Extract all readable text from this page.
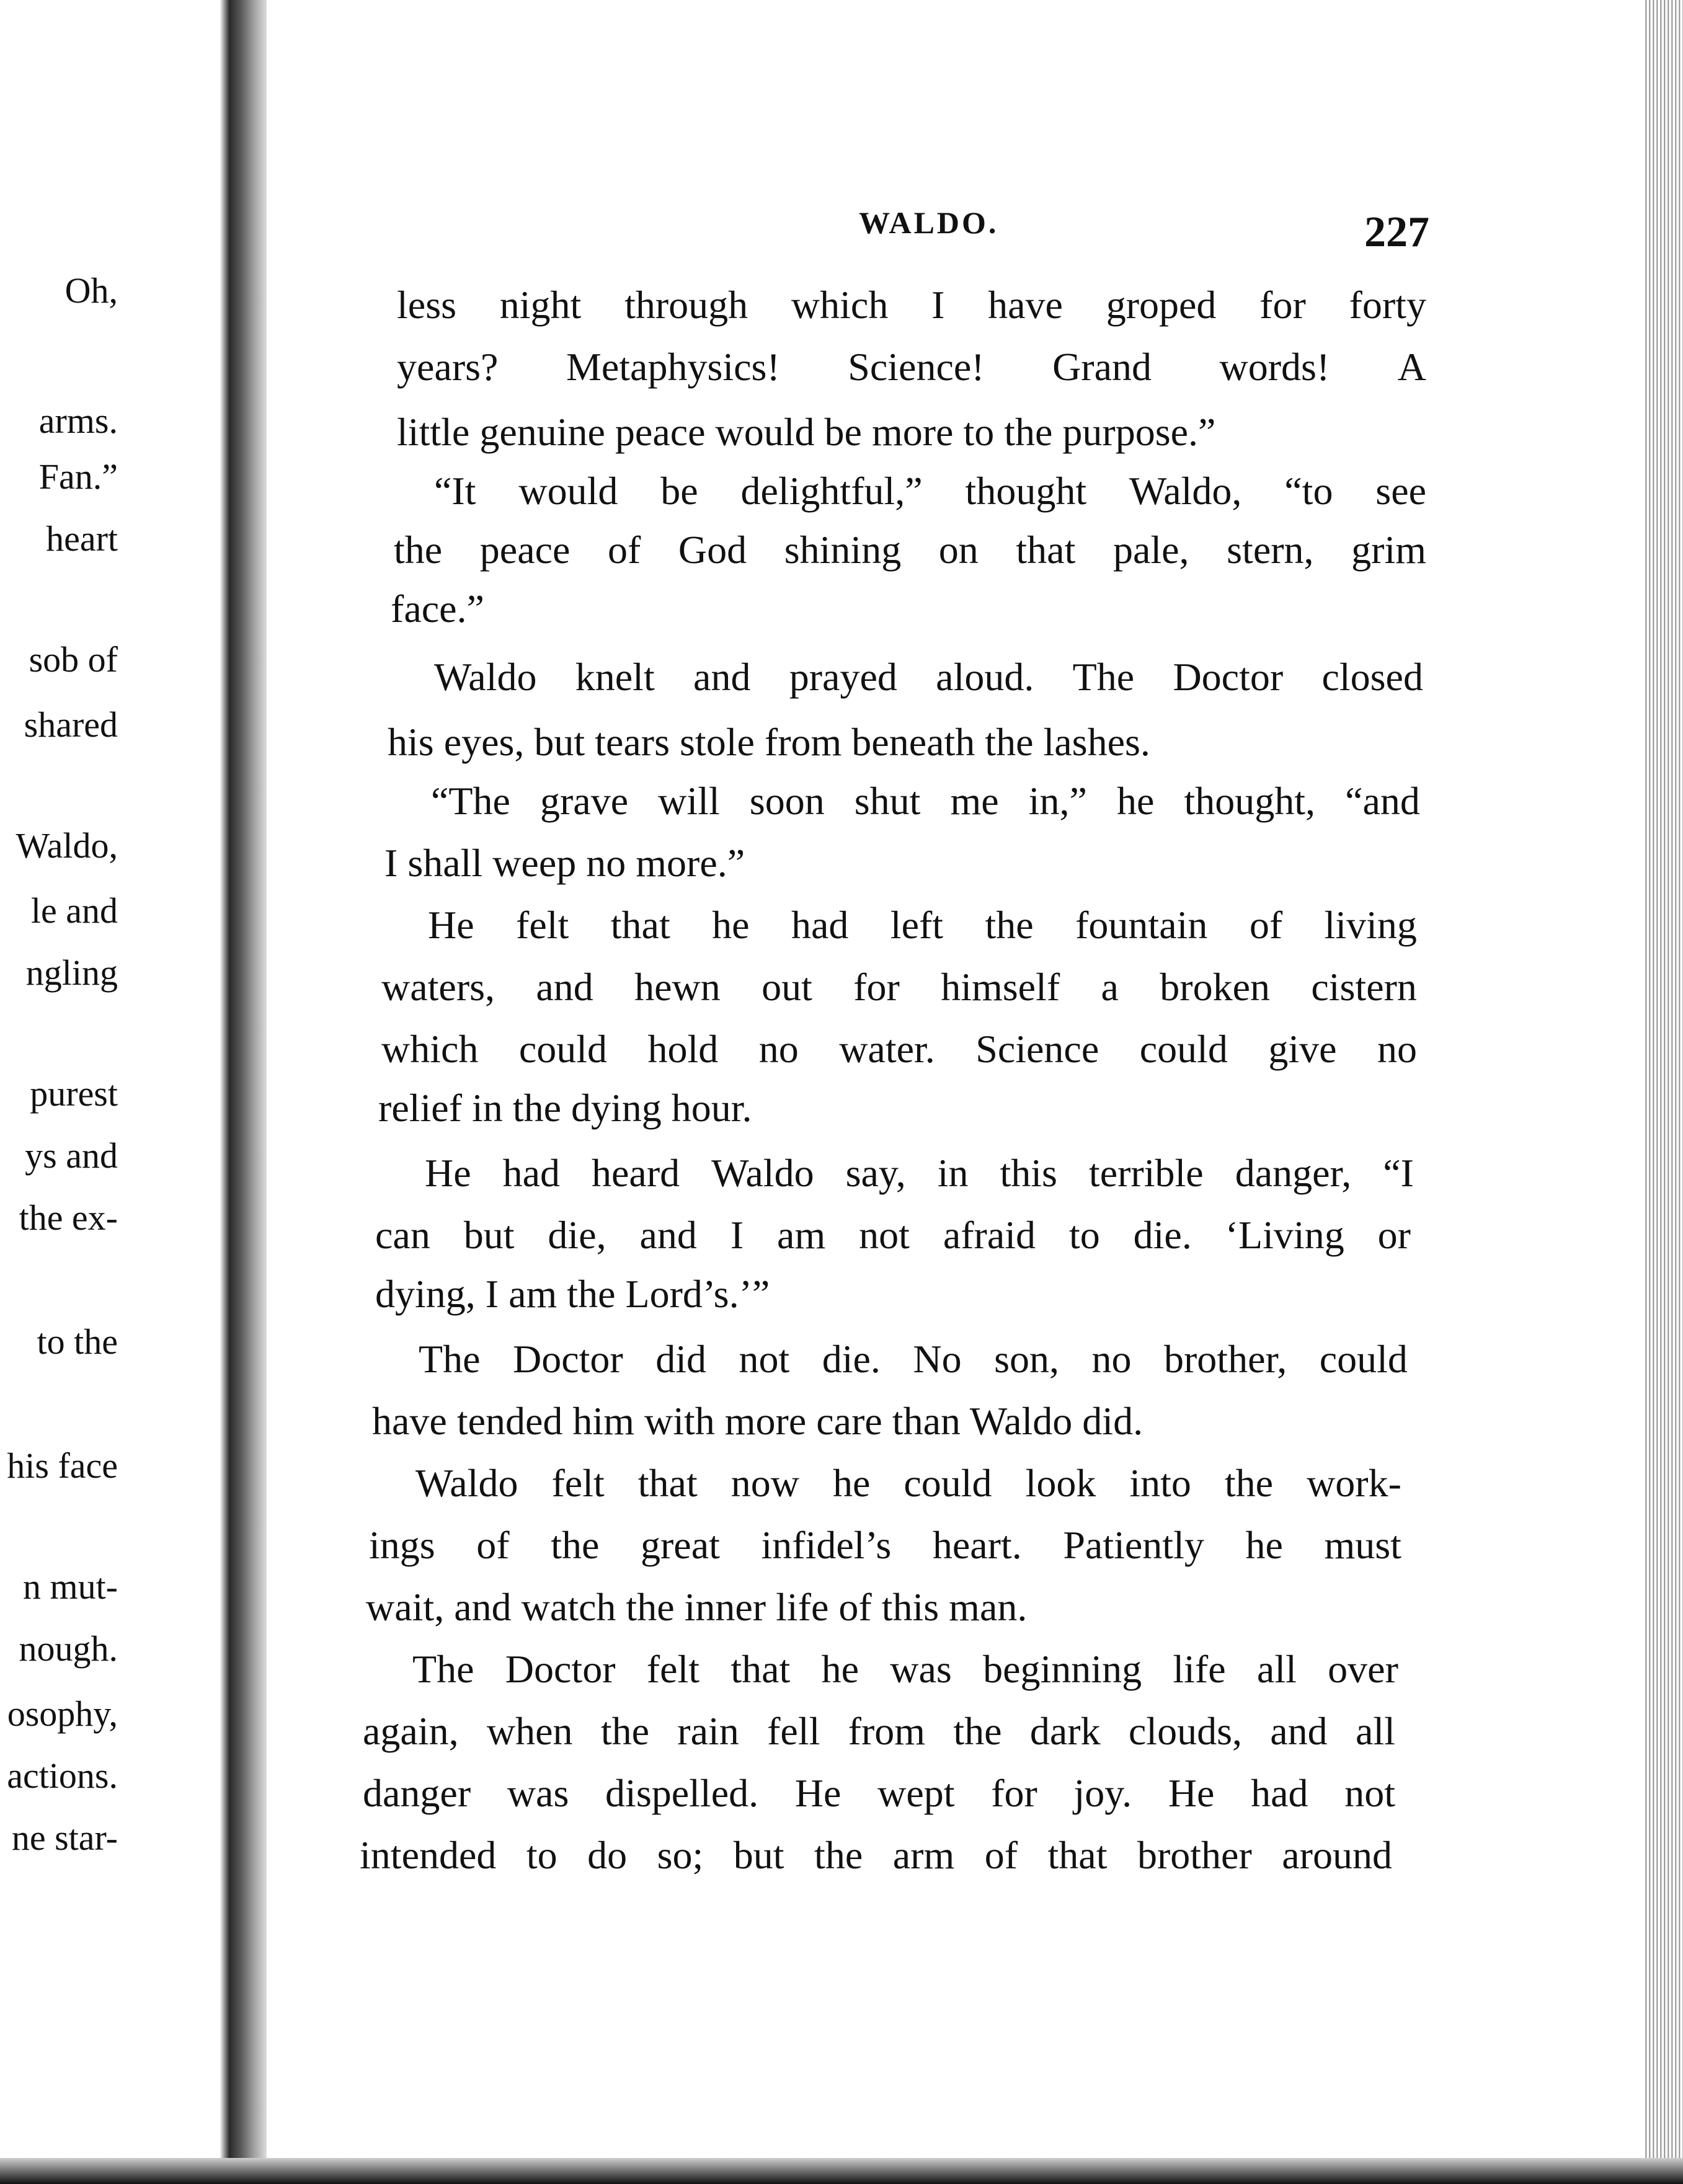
Oh,
arms.
Fan.”
heart
sob of
shared
Waldo,
le and
ngling
purest
ys and
the ex-
to the
his face
n mut-
nough.
osophy,
actions.
ne star-
WALDO.	227
less night through which I have groped for forty
years? Metaphysics! Science! Grand words! A
little genuine peace would be more to the purpose.”
“It would be delightful,” thought Waldo, “to see
the peace of God shining on that pale, stern, grim
face.”
Waldo knelt and prayed aloud. The Doctor closed
his eyes, but tears stole from beneath the lashes.
“The grave will soon shut me in,” he thought, “and
I shall weep no more.”
He felt that he had left the fountain of living
waters, and hewn out for himself a broken cistern
which could hold no water. Science could give no
relief in the dying hour.
He had heard Waldo say, in this terrible danger, “I
can but die, and I am not afraid to die. ‘Living or
dying, I am the Lord’s.’”
The Doctor did not die. No son, no brother, could
have tended him with more care than Waldo did.
Waldo felt that now he could look into the work-
ings of the great infidel’s heart. Patiently he must
wait, and watch the inner life of this man.
The Doctor felt that he was beginning life all over
again, when the rain fell from the dark clouds, and all
danger was dispelled. He wept for joy. He had not
intended to do so; but the arm of that brother around
